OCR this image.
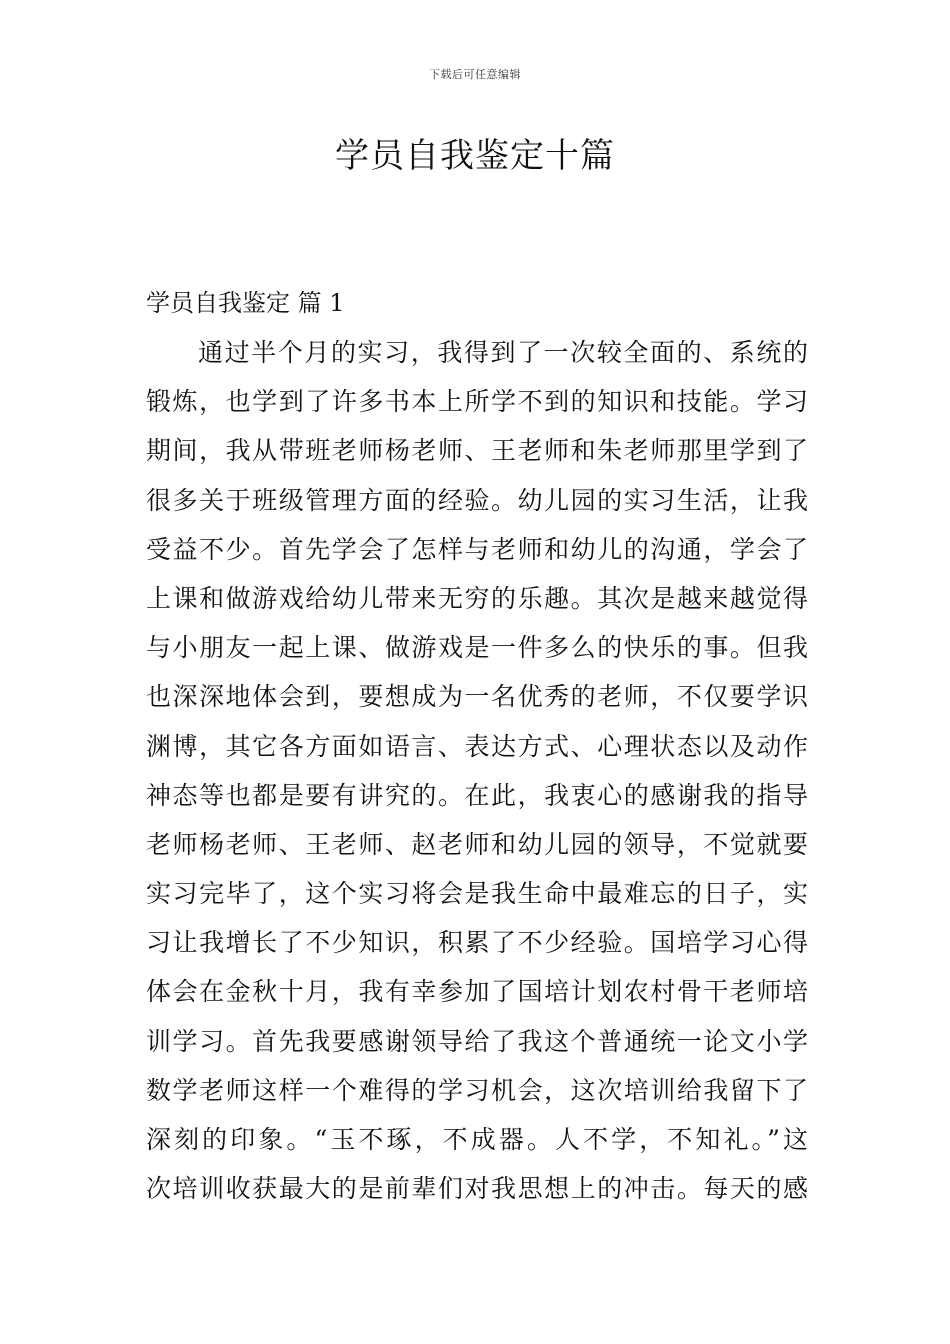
下载后可任意编辑
学员自我鉴定十篇
学员自我鉴定 篇 1
通过半个月的实习，我得到了一次较全面的、系统的
锻炼，也学到了许多书本上所学不到的知识和技能。学习
期间，我从带班老师杨老师、王老师和朱老师那里学到了
很多关于班级管理方面的经验。幼儿园的实习生活，让我
受益不少。首先学会了怎样与老师和幼儿的沟通，学会了
上课和做游戏给幼儿带来无穷的乐趣。其次是越来越觉得
与小朋友一起上课、做游戏是一件多么的快乐的事。但我
也深深地体会到，要想成为一名优秀的老师，不仅要学识
渊博，其它各方面如语言、表达方式、心理状态以及动作
神态等也都是要有讲究的。在此，我衷心的感谢我的指导
老师杨老师、王老师、赵老师和幼儿园的领导，不觉就要
实习完毕了，这个实习将会是我生命中最难忘的日子，实
习让我增长了不少知识，积累了不少经验。国培学习心得
体会在金秋十月，我有幸参加了国培计划农村骨干老师培
训学习。首先我要感谢领导给了我这个普通统一论文小学
数学老师这样一个难得的学习机会，这次培训给我留下了
深刻的印象。“玉不琢，不成器。人不学，不知礼。”这
次培训收获最大的是前辈们对我思想上的冲击。每天的感
